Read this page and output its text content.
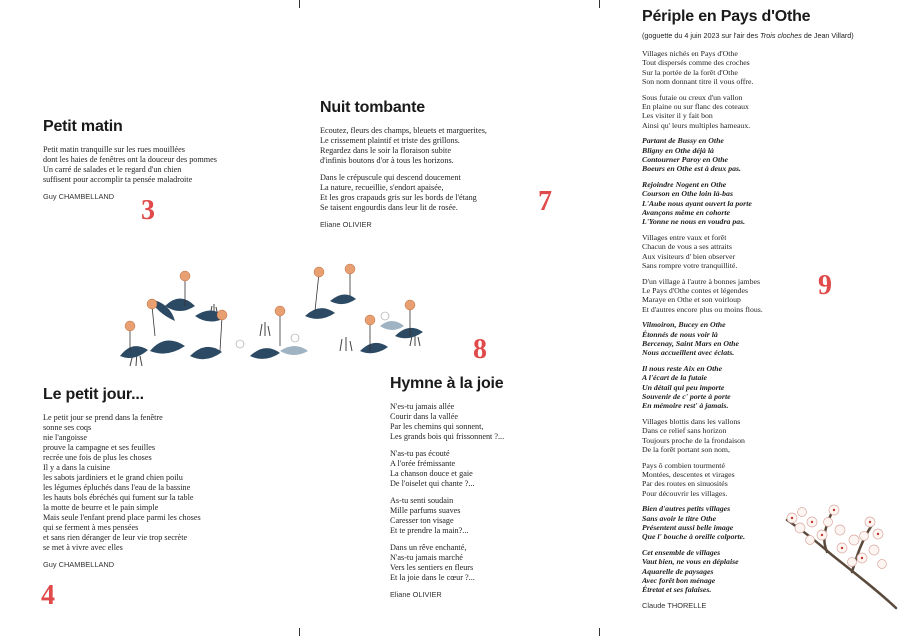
Petit matin
Petit matin tranquille sur les rues mouillées
dont les haies de fenêtres ont la douceur des pommes
Un carré de salades et le regard d'un chien
suffisent pour accomplir ta pensée maladroite
Guy CHAMBELLAND 3
Le petit jour...
Le petit jour se prend dans la fenêtre
sonne ses coqs
nie l'angoisse
prouve la campagne et ses feuilles
recrée une fois de plus les choses
Il y a dans la cuisine
les sabots jardiniers et le grand chien poilu
les légumes épluchés dans l'eau de la bassine
les hauts bols ébréchés qui fument sur la table
la motte de beurre et le pain simple
Mais seule l'enfant prend place parmi les choses
qui se ferment à mes pensées
et sans rien déranger de leur vie trop secrète
se met à vivre avec elles
Guy CHAMBELLAND
4
Nuit tombante
Ecoutez, fleurs des champs, bleuets et marguerites,
Le crissement plaintif et triste des grillons.
Regardez dans le soir la floraison subite
d'infinis boutons d'or à tous les horizons.
Dans le crépuscule qui descend doucement
La nature, recueillie, s'endort apaisée,
Et les gros crapauds gris sur les bords de l'étang
Se taisent engourdis dans leur lit de rosée.
Eliane OLIVIER
7
8
Hymne à la joie
N'es-tu jamais allée
Courir dans la vallée
Par les chemins qui sonnent,
Les grands bois qui frissonnent ?...
N'as-tu pas écouté
A l'orée frémissante
La chanson douce et gaie
De l'oiselet qui chante ?...
As-tu senti soudain
Mille parfums suaves
Caresser ton visage
Et te prendre la main?...
Dans un rêve enchanté,
N'as-tu jamais marché
Vers les sentiers en fleurs
Et la joie dans le cœur ?...
Eliane OLIVIER
Périple en Pays d'Othe
(goguette du 4 juin 2023 sur l'air des Trois cloches de Jean Villard)
Villages nichés en Pays d'Othe
Tout dispersés comme des croches
Sur la portée de la forêt d'Othe
Son nom donnant titre il vous offre.
Sous futaie ou creux d'un vallon
En plaine ou sur flanc des coteaux
Les visiter il y fait bon
Ainsi qu' leurs multiples hameaux.
Partant de Bussy en Othe
Bligny en Othe déjà là
Contourner Paroy en Othe
Boeurs en Othe est à deux pas.
Rejoindre Nogent en Othe
Courson en Othe loin là-bas
L'Aube nous ayant ouvert la porte
Avançons même en cohorte
L'Yonne ne nous en voudra pas.
Villages entre vaux et forêt
Chacun de vous a ses attraits
Aux visiteurs d' bien observer
Sans rompre votre tranquillité.
D'un village à l'autre à bonnes jambes
Le Pays d'Othe contes et légendes
Maraye en Othe et son voirloup
Et d'autres encore plus ou moins flous.
Vilmoiron, Bucey en Othe
Étonnés de nous voir là
Bercenay, Saint Mars en Othe
Nous accueillent avec éclats.
Il nous reste Aix en Othe
A l'écart de la futaie
Un détail qui peu importe
Souvenir de c' porte à porte
En mémoire rest' à jamais.
Villages blottis dans les vallons
Dans ce relief sans horizon
Toujours proche de la frondaison
De la forêt portant son nom,
Pays ô combien tourmenté
Montées, descentes et virages
Par des routes en sinuosités
Pour découvrir les villages.
Bien d'autres petits villages
Sans avoir le titre Othe
Présentent aussi belle image
Que l' bouche à oreille colporte.
Cet ensemble de villages
Vaut bien, ne vous en déplaise
Aquarelle de paysages
Avec forêt bon ménage
Étretat et ses falaises.
Claude THORELLE
9
